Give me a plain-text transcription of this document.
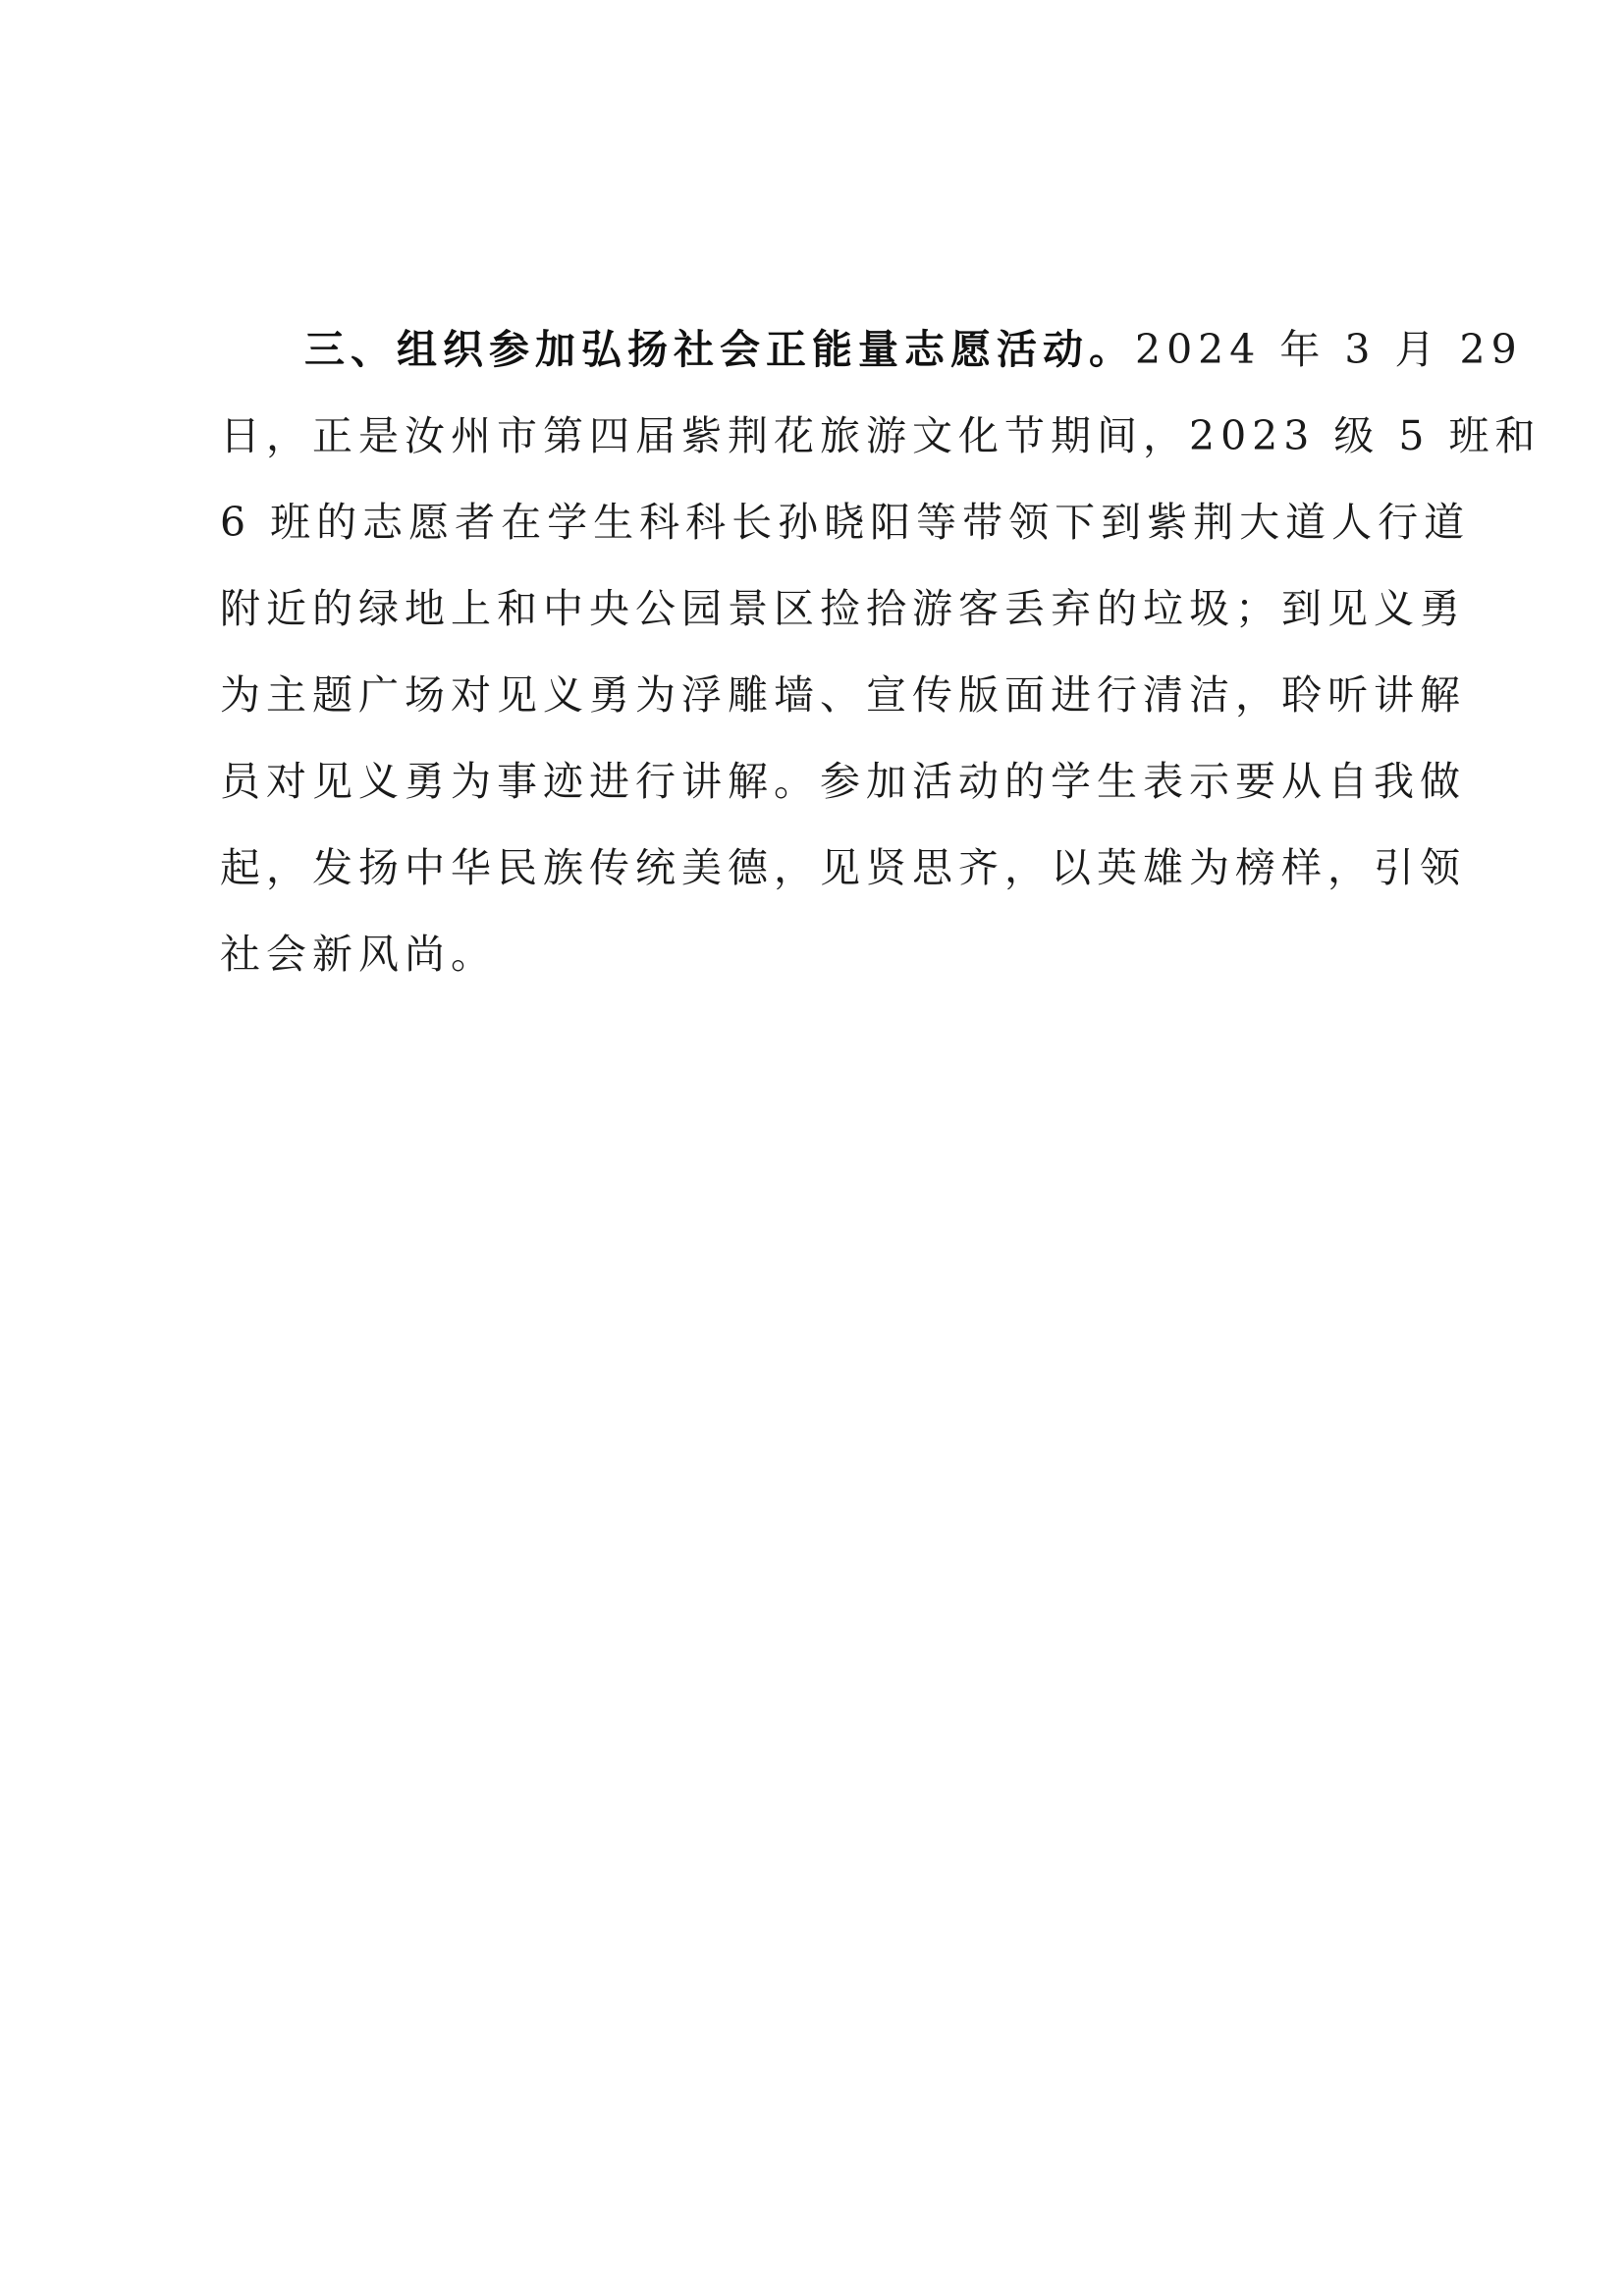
三、组织参加弘扬社会正能量志愿活动。2024 年 3 月 29
日，正是汝州市第四届紫荆花旅游文化节期间，2023 级 5 班和
6 班的志愿者在学生科科长孙晓阳等带领下到紫荆大道人行道
附近的绿地上和中央公园景区捡拾游客丢弃的垃圾；到见义勇
为主题广场对见义勇为浮雕墙、宣传版面进行清洁，聆听讲解
员对见义勇为事迹进行讲解。参加活动的学生表示要从自我做
起，发扬中华民族传统美德，见贤思齐，以英雄为榜样，引领
社会新风尚。
